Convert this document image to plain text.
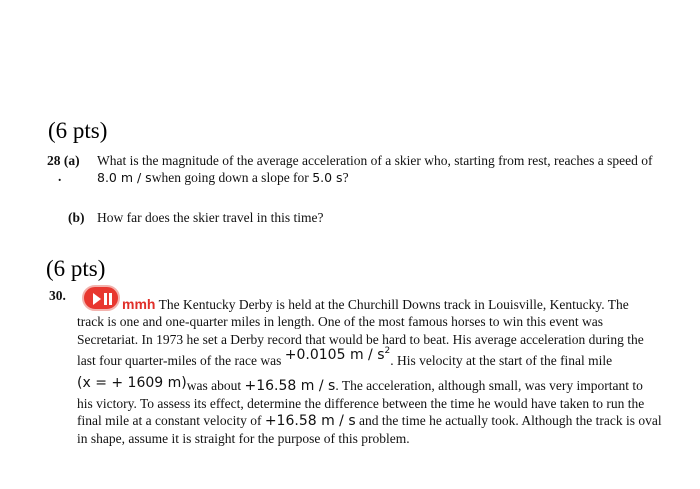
(6 pts)
28 (a) What is the magnitude of the average acceleration of a skier who, starting from rest, reaches a speed of
.	8.0 m / swhen going down a slope for 5.0 s?
(b) How far does the skier travel in this time?
(6 pts)
30.
mmh The Kentucky Derby is held at the Churchill Downs track in Louisville, Kentucky. The
track is one and one-quarter miles in length. One of the most famous horses to win this event was
Secretariat. In 1973 he set a Derby record that would be hard to beat. His average acceleration during the
last four quarter-miles of the race was +0.0105 m / $s^2$. His velocity at the start of the final mile
(x = + 1609 m)was about +16.58 m / s. The acceleration, although small, was very important to
his victory. To assess its effect, determine the difference between the time he would have taken to run the
final mile at a constant velocity of +16.58 m / s and the time he actually took. Although the track is oval
in shape, assume it is straight for the purpose of this problem.
